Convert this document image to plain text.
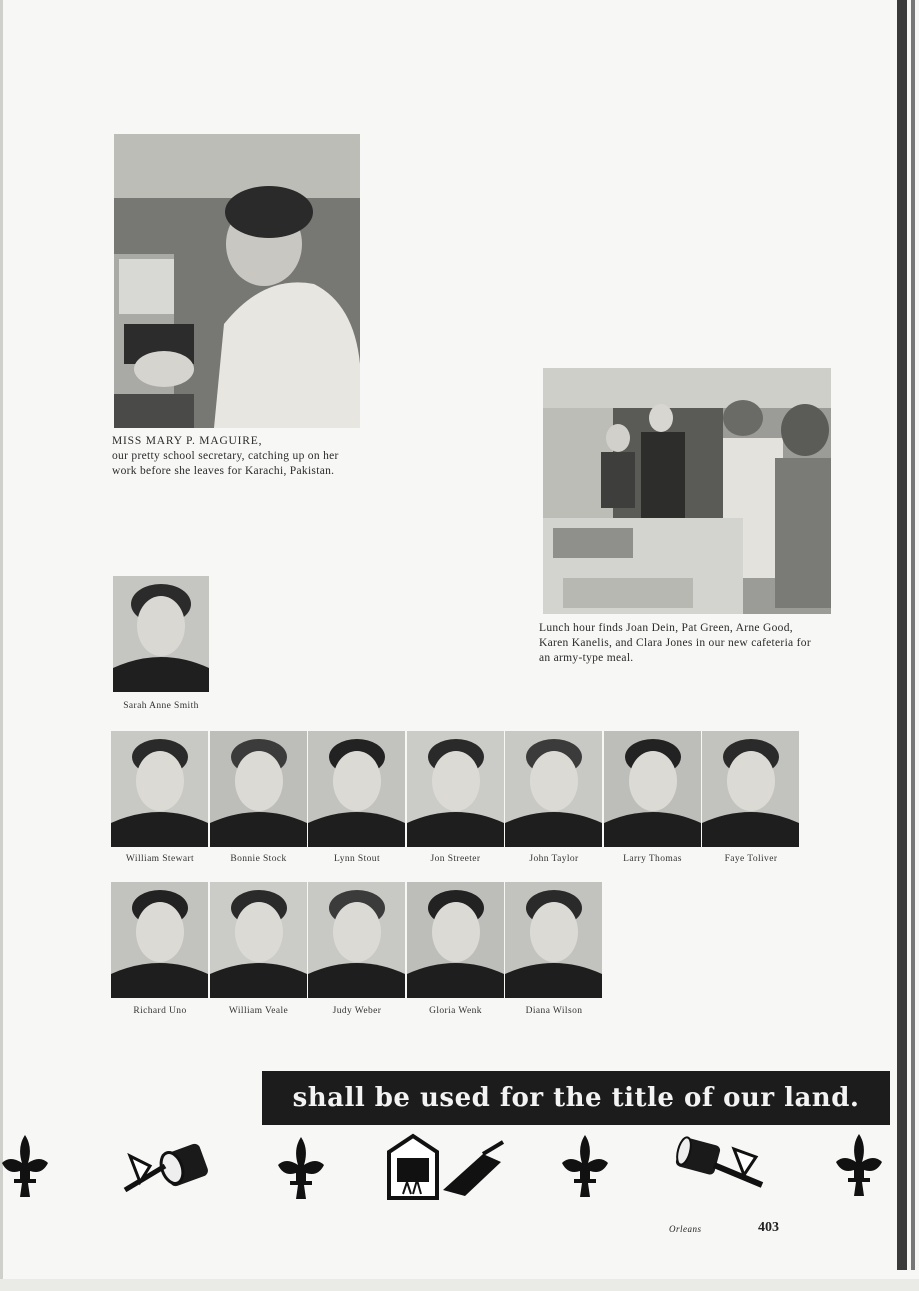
MISS MARY P. MAGUIRE,
our pretty school secretary, catching up on her
work before she leaves for Karachi, Pakistan.
Lunch hour finds Joan Dein, Pat Green, Arne Good,
Karen Kanelis, and Clara Jones in our new cafeteria for
an army-type meal.
Sarah Anne Smith
William Stewart	Bonnie Stock	Lynn Stout	Jon Streeter	John Taylor	Larry Thomas	Faye Toliver
Richard Uno	William Veale	Judy Weber	Gloria Wenk	Diana Wilson
shall be used for the title of our land.
Orleans	403
